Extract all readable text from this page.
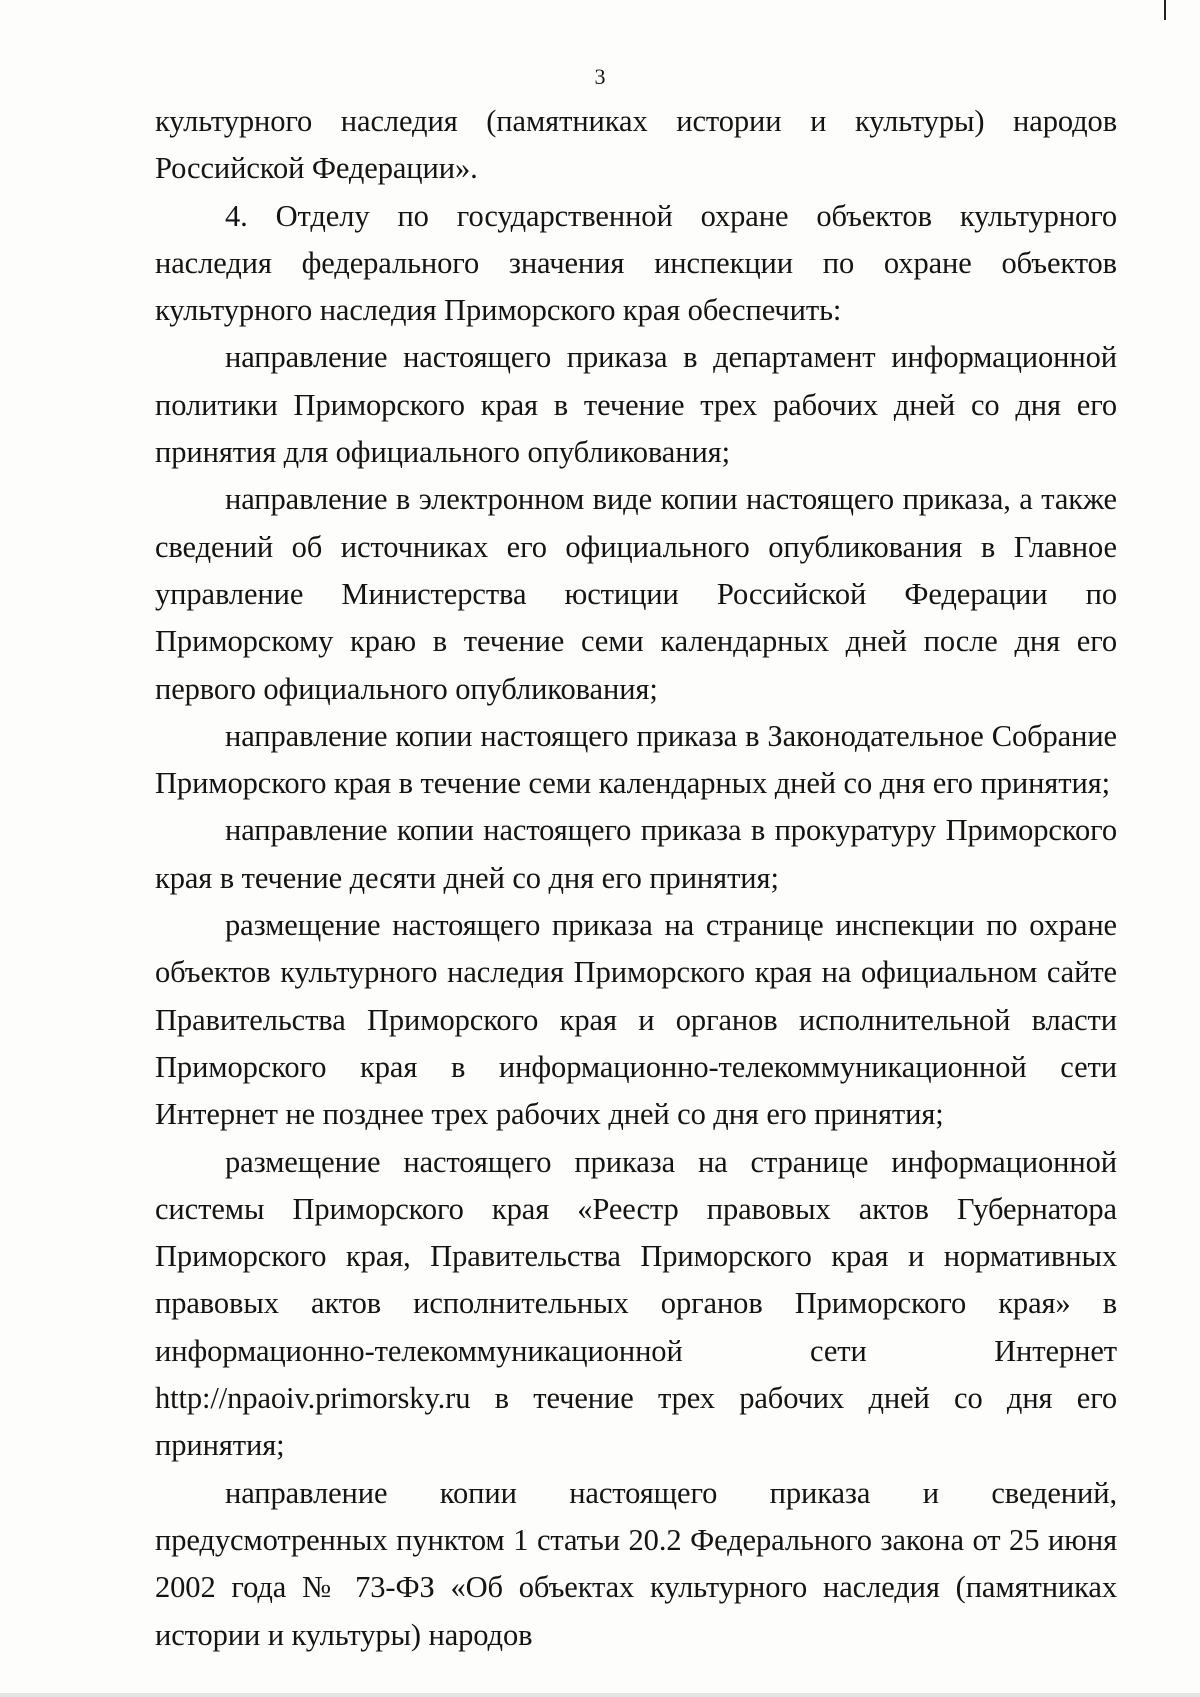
3

культурного наследия (памятниках истории и культуры) народов Российской Федерации».

4. Отделу по государственной охране объектов культурного наследия федерального значения инспекции по охране объектов культурного наследия Приморского края обеспечить:

направление настоящего приказа в департамент информационной политики Приморского края в течение трех рабочих дней со дня его принятия для официального опубликования;

направление в электронном виде копии настоящего приказа, а также сведений об источниках его официального опубликования в Главное управление Министерства юстиции Российской Федерации по Приморскому краю в течение семи календарных дней после дня его первого официального опубликования;

направление копии настоящего приказа в Законодательное Собрание Приморского края в течение семи календарных дней со дня его принятия;

направление копии настоящего приказа в прокуратуру Приморского края в течение десяти дней со дня его принятия;

размещение настоящего приказа на странице инспекции по охране объектов культурного наследия Приморского края на официальном сайте Правительства Приморского края и органов исполнительной власти Приморского края в информационно-телекоммуникационной сети Интернет не позднее трех рабочих дней со дня его принятия;

размещение настоящего приказа на странице информационной системы Приморского края «Реестр правовых актов Губернатора Приморского края, Правительства Приморского края и нормативных правовых актов исполнительных органов Приморского края» в информационно-телекоммуникационной сети Интернет http://npaoiv.primorsky.ru в течение трех рабочих дней со дня его принятия;

направление копии настоящего приказа и сведений, предусмотренных пунктом 1 статьи 20.2 Федерального закона от 25 июня 2002 года № 73-ФЗ «Об объектах культурного наследия (памятниках истории и культуры) народов
